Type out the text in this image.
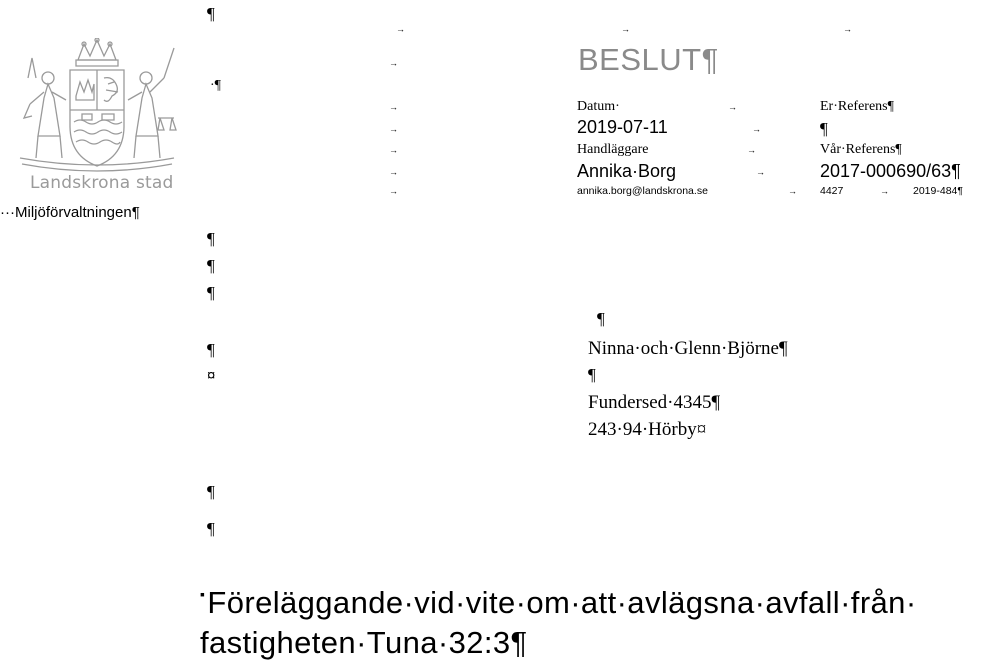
Landskrona stad
···Miljöförvaltningen¶
¶
·¶
¶
¶
¶
¶
¤
¶
¶
→	→	→
→	BESLUT¶
→
→
→
→
→
Datum·	→	Er·Referens¶
2019-07-11	→	¶
Handläggare	→	Vår·Referens¶
Annika·Borg	→	2017-000690/63¶
annika.borg@landskrona.se	→ 4427	→ 2019-484¶
¶
Ninna·och·Glenn·Björne¶
¶
Fundersed·4345¶
243·94·Hörby¤
▪Föreläggande·vid·vite·om·att·avlägsna·avfall·från·
fastigheten·Tuna·32:3¶
